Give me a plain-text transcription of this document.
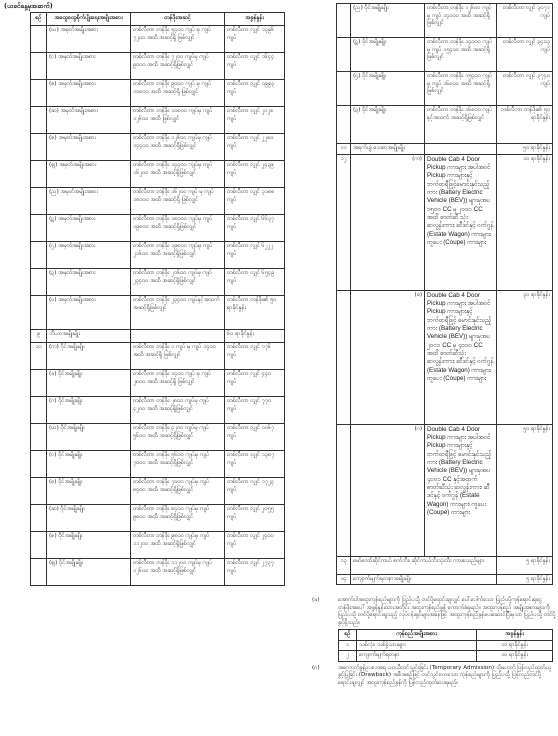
(ယခင်နေ့မှအဆက်)
စဉ်	အထွေထွေစိုက်ပျိုးရေးအမျိုးအစား	တန်ဖိုးအဆင့်	အခွန်နှုန်း
	(ဃ) အမှတ်အမျိုးအစား	တစ်လီတာ တန်ဖိုး ၅၄၀၀ ကျပ် မှ ကျပ် ၇၂၀၀ အထိ အဆင့်ရှိ ဖြစ်လျှင်	တစ်လီတာ လျှင် ၁၃၉၆ ကျပ်
	(င) အမှတ်အမျိုးအစား	တစ်လီတာ တန်ဖိုး ၇၂၀၀ ကျပ်မှ ကျပ် ၉၀၀၀ အထိ အဆင့်ရှိဖြစ်လျှင်	တစ်လီတာ လျှင် ၁၆၄၄ ကျပ်
	(စ) အမှတ်အမျိုးအစား	တစ်လီတာ တန်ဖိုး ၉၀၀၀ ကျပ် မှ ကျပ် ၁၀၈၀၀ အထိ အဆင့်ရှိ ဖြစ်လျှင်	တစ်လီတာ လျှင် ၁၉၉၃ ကျပ်
	(ဆ) အမှတ်အမျိုးအစား	တစ်လီတာ တန်ဖိုး ၁၀၈၀၀ ကျပ်မှ ကျပ် ၁၂၆၀၀ အထိ ဖြစ်လျှင်	တစ်လီတာ လျှင် ၂၀၂၈ ကျပ်
	(ဇ) အမှတ်အမျိုးအစား	တစ်လီတာ တန်ဖိုး ၁၂၆၀၀ ကျပ်မှ ကျပ် ၁၄၄၀၀ အထိ အဆင့်ရှိဖြစ်လျှင်	တစ်လီတာ လျှင် ၂၂၈၀ ကျပ်
	(ဈ) အမှတ်အမျိုးအစား	တစ်လီတာ တန်ဖိုး ၁၄၄၀၀ ကျပ်မှ ကျပ် ၁၆၂၀၀ အထိ အဆင့်ရှိဖြစ်လျှင်	တစ်လီတာ လျှင် ၂၄၃၉ ကျပ်
	(ည) အမှတ်အမျိုးအစား	တစ်လီတာ တန်ဖိုး ၁၆၂၀၀ ကျပ် မှ ကျပ် ၁၈၀၀၀ အထိ အဆင့်ရှိ ဖြစ်လျှင်	တစ်လီတာ လျှင် ၃၁၈၈ ကျပ်
	(ဋ) အမှတ်အမျိုးအစား	တစ်လီတာ တန်ဖိုး ၁၈၀၀၀ ကျပ်မှ ကျပ် ၁၉၈၀၀ အထိ အဆင့်ရှိဖြစ်လျှင်	တစ်လီတာ လျှင် ၆၆၃၇ ကျပ်
	(ဌ) အမှတ်အမျိုးအစား	တစ်လီတာ တန်ဖိုး ၁၉၈၀၀ ကျပ်မှ ကျပ် ၂၁၆၀၀ အထိ အဆင့်ရှိဖြစ်လျှင်	တစ်လီတာ လျှင် ၆၂၂၂ ကျပ်
	(ဍ) အမှတ်အမျိုးအစား	တစ်လီတာ တန်ဖိုး ၂၁၆၀၀ ကျပ်မှ ကျပ် ၂၃၄၀၀ အထိ အဆင့်ရှိဖြစ်လျှင်	တစ်လီတာ လျှင် ၆၅၄၉ ကျပ်
	(ဎ) အမှတ်အမျိုးအစား	တစ်လီတာ တန်ဖိုး ၂၃၄၀၀ ကျပ်နှင့်အထက် အဆင့်ရှိဖြစ်လျှင်	တစ်လီတာ တန်ဖိုး၏ ၅၀ ရာခိုင်နှုန်း
၉	ဘီယာအမျိုးမျိုး		၆၀ ရာခိုင်နှုန်း
၁၀	(က) ဝိုင်အမျိုးမျိုး	တစ်လီတာ တန်ဖိုး ၁ ကျပ် မှ ကျပ် ၁၄၀၀ အထိ အဆင့်ရှိ ဖြစ်လျှင်	တစ်လီတာ လျှင် ၁၇၆ ကျပ်
	(ခ) ဝိုင်အမျိုးမျိုး	တစ်လီတာ တန်ဖိုး ၁၄၀၀ ကျပ် မှ ကျပ် ၂၈၀၀ အထိ အဆင့်ရှိ ဖြစ်လျှင်	တစ်လီတာ လျှင် ၄၄၀ ကျပ်
	(ဂ) ဝိုင်အမျိုးမျိုး	တစ်လီတာ တန်ဖိုး ၂၈၀၀ ကျပ်မှ ကျပ် ၄၂၀၀ အထိ အဆင့်ရှိဖြစ်လျှင်	တစ်လီတာ လျှင် ၇၇၀ ကျပ်
	(ဃ) ဝိုင်အမျိုးမျိုး	တစ်လီတာ တန်ဖိုး ၄၂၀၀ ကျပ်မှ ကျပ် ၅၆၀၀ အထိ အဆင့်ရှိဖြစ်လျှင်	တစ်လီတာ လျှင် ၁၀၆၇ ကျပ်
	(င) ဝိုင်အမျိုးမျိုး	တစ်လီတာ တန်ဖိုး ၅၆၀၀ ကျပ်မှ ကျပ် ၇၀၀၀ အထိ အဆင့်ရှိဖြစ်လျှင်	တစ်လီတာ လျှင် ၁၃၈၇ ကျပ်
	(စ) ဝိုင်အမျိုးမျိုး	တစ်လီတာ တန်ဖိုး ၇၀၀၀ ကျပ်မှ ကျပ် ၈၄၀၀ အထိ အဆင့်ရှိဖြစ်လျှင်	တစ်လီတာ လျှင် ၁၇၂၃ ကျပ်
	(ဆ) ဝိုင်အမျိုးမျိုး	တစ်လီတာ တန်ဖိုး ၈၄၀၀ ကျပ်မှ ကျပ် ၉၈၀၀ အထိ အဆင့်ရှိဖြစ်လျှင်	တစ်လီတာ လျှင် ၂၀၅၅ ကျပ်
	(ဇ) ဝိုင်အမျိုးမျိုး	တစ်လီတာ တန်ဖိုး ၉၈၀၀ ကျပ်မှ ကျပ် ၁၁၂၀၀ အထိ အဆင့်ရှိဖြစ်လျှင်	တစ်လီတာ လျှင် ၂၄၀၀ ကျပ်
	(ဈ) ဝိုင်အမျိုးမျိုး	တစ်လီတာ တန်ဖိုး ၁၁၂၀၀ ကျပ်မှ ကျပ် ၁၂၆၀၀ အထိ အဆင့်ရှိဖြစ်လျှင်	တစ်လီတာ လျှင် ၂၇၃၇ ကျပ်
	(ည) ဝိုင်အမျိုးမျိုး	တစ်လီတာ တန်ဖိုး ၁၂၆၀၀ ကျပ်မှ ကျပ် ၁၄၀၀၀ အထိ အဆင့်ရှိဖြစ်လျှင်	တစ်လီတာ လျှင် ၃၀၇၁ ကျပ်
	(ဋ) ဝိုင်အမျိုးမျိုး	တစ်လီတာ တန်ဖိုး ၁၄၀၀၀ ကျပ်မှ ကျပ် ၁၅၄၀၀ အထိ အဆင့်ရှိဖြစ်လျှင်	တစ်လီတာ လျှင် ၃၄၀၃ ကျပ်
	(ဌ) ဝိုင်အမျိုးမျိုး	တစ်လီတာ တန်ဖိုး ၁၅၄၀၀ ကျပ်မှ ကျပ် ၁၆၈၀၀ အထိ အဆင့်ရှိဖြစ်လျှင်	တစ်လီတာ လျှင် ၃၇၄၀ ကျပ်
	(ဍ) ဝိုင်အမျိုးမျိုး	တစ်လီတာ တန်ဖိုး ၁၆၈၀၀ ကျပ်နှင့်အထက် အဆင့်ရှိဖြစ်လျှင်	တစ်လီတာ တန်ဖိုး၏ ၅၀ ရာခိုင်နှုန်း
၁၁	အရက်ပျံ၊ သေစာအမျိုးမျိုး		၅၀ ရာခိုင်နှုန်း
၁၂	(က)	Double Cab 4 Door Pickup ကားများ အပါအဝင် Pickup ကားများနှင့် ဘက်ထရီဖြင့်မောင်းနှင်သည့် ကား (Battery Electric Vehicle (BEV)) များမှအပ ၁၅၀၀ CC မှ ၂၀၀၀ CC အထိ ဓာတ်ဆီ သုံး ဆလွန်းကား၊ ဆီဒင်နှင့် ဝက်ဂွန် (Estate Wagon) ကားများ၊ ကူပေး (Coupe) ကားများ	၁၀ ရာခိုင်နှုန်း
	(ခ)	Double Cab 4 Door Pickup ကားများ အပါအဝင် Pickup ကားများနှင့် ဘက်ထရီဖြင့် မောင်းနှင်သည့်ကား (Battery Electric Vehicle (BEV)) များမှအပ ၂၀၀၁ CC မှ ၄၀၀၀ CC အထိ ဓာတ်ဆီသုံး ဆလွန်းကား၊ ဆီဒင်နှင့် ဝက်ဂွန် (Estate Wagon) ကားများ၊ ကူပေး (Coupe) ကားများ	၃၀ ရာခိုင်နှုန်း
	(ဂ)	Double Cab 4 Door Pickup ကားများ အပါအဝင် Pickup ကားများနှင့် ဘက်ထရီဖြင့် မောင်းနှင်သည့်ကား (Battery Electric Vehicle (BEV)) များမှအပ ၄၀၀၁ CC နှင့်အထက် ဓာတ်ဆီသုံး ဆလွန်းကား၊ ဆီဒင်နှင့် ဝက်ဂွန် (Estate Wagon) ကားများ၊ ကူပေး (Coupe) ကားများ	၅၀ ရာခိုင်နှုန်း
၁၃	မော်တော်ဆိုင်ကယ် စက်ဘီး၊ ဆိုင်ကယ်ဘီးသုံးဘီး ကားစသည်များ		၅ ရာခိုင်နှုန်း
၁၄	ကျောက်မျက်ရတနာအမျိုးမျိုး		၅ ရာခိုင်နှုန်း
(ခ)	အောက်ပါအထူးကုန်စည်များကို ပြည်ပသို့ တင်ပို့ရောင်းချလျှင် ပေါ်ပေါက်သော ပြည်ပပို့ကုန်ရောင်းရငွေ တန်ဖိုးအပေါ် အခွန်နှုန်းထားအတိုင်း အထူးကုန်စည်ခွန် ကောက်ခံရမည်။ အထူးကုန်စည် အမျိုးအစားများကို ပြည်ပသို့ တင်ပို့ရောင်းချသည့် လုပ်ငန်းရှင်များအနေဖြင့် အထူးကုန်စည်ခွန်ပေးဆောင်ပြီးမှသာ ပြည်ပသို့ တင်ပို့ခွင့်ရှိသည်။
စဉ်	ကုန်စည်အမျိုးအစား	အခွန်နှုန်း
၁	သစ်လုံး၊ သစ်ခွဲသားများ	၁၀ ရာခိုင်နှုန်း
၂	ကျောက်မျက်ရတနာ	၁၀ ရာခိုင်နှုန်း
(ဂ)	အကောက်ခွန်ဥပဒေအရ ယာယီတင်သွင်းခြင်း (Temporary Admission) သို့မဟုတ် ပြန်လည်ထုတ်ယူခွင့်ပြုခြင်း (Drawback) အစီအစဉ်ဖြင့် တင်သွင်းလာသော ကုန်စည်များကို ပြည်ပသို့ ပြန်လည်တင်ပို့ရောင်းချလျှင် အထူးကုန်စည်ခွန်ကို ပြန်လည်ထုတ်ပေးရမည်။
